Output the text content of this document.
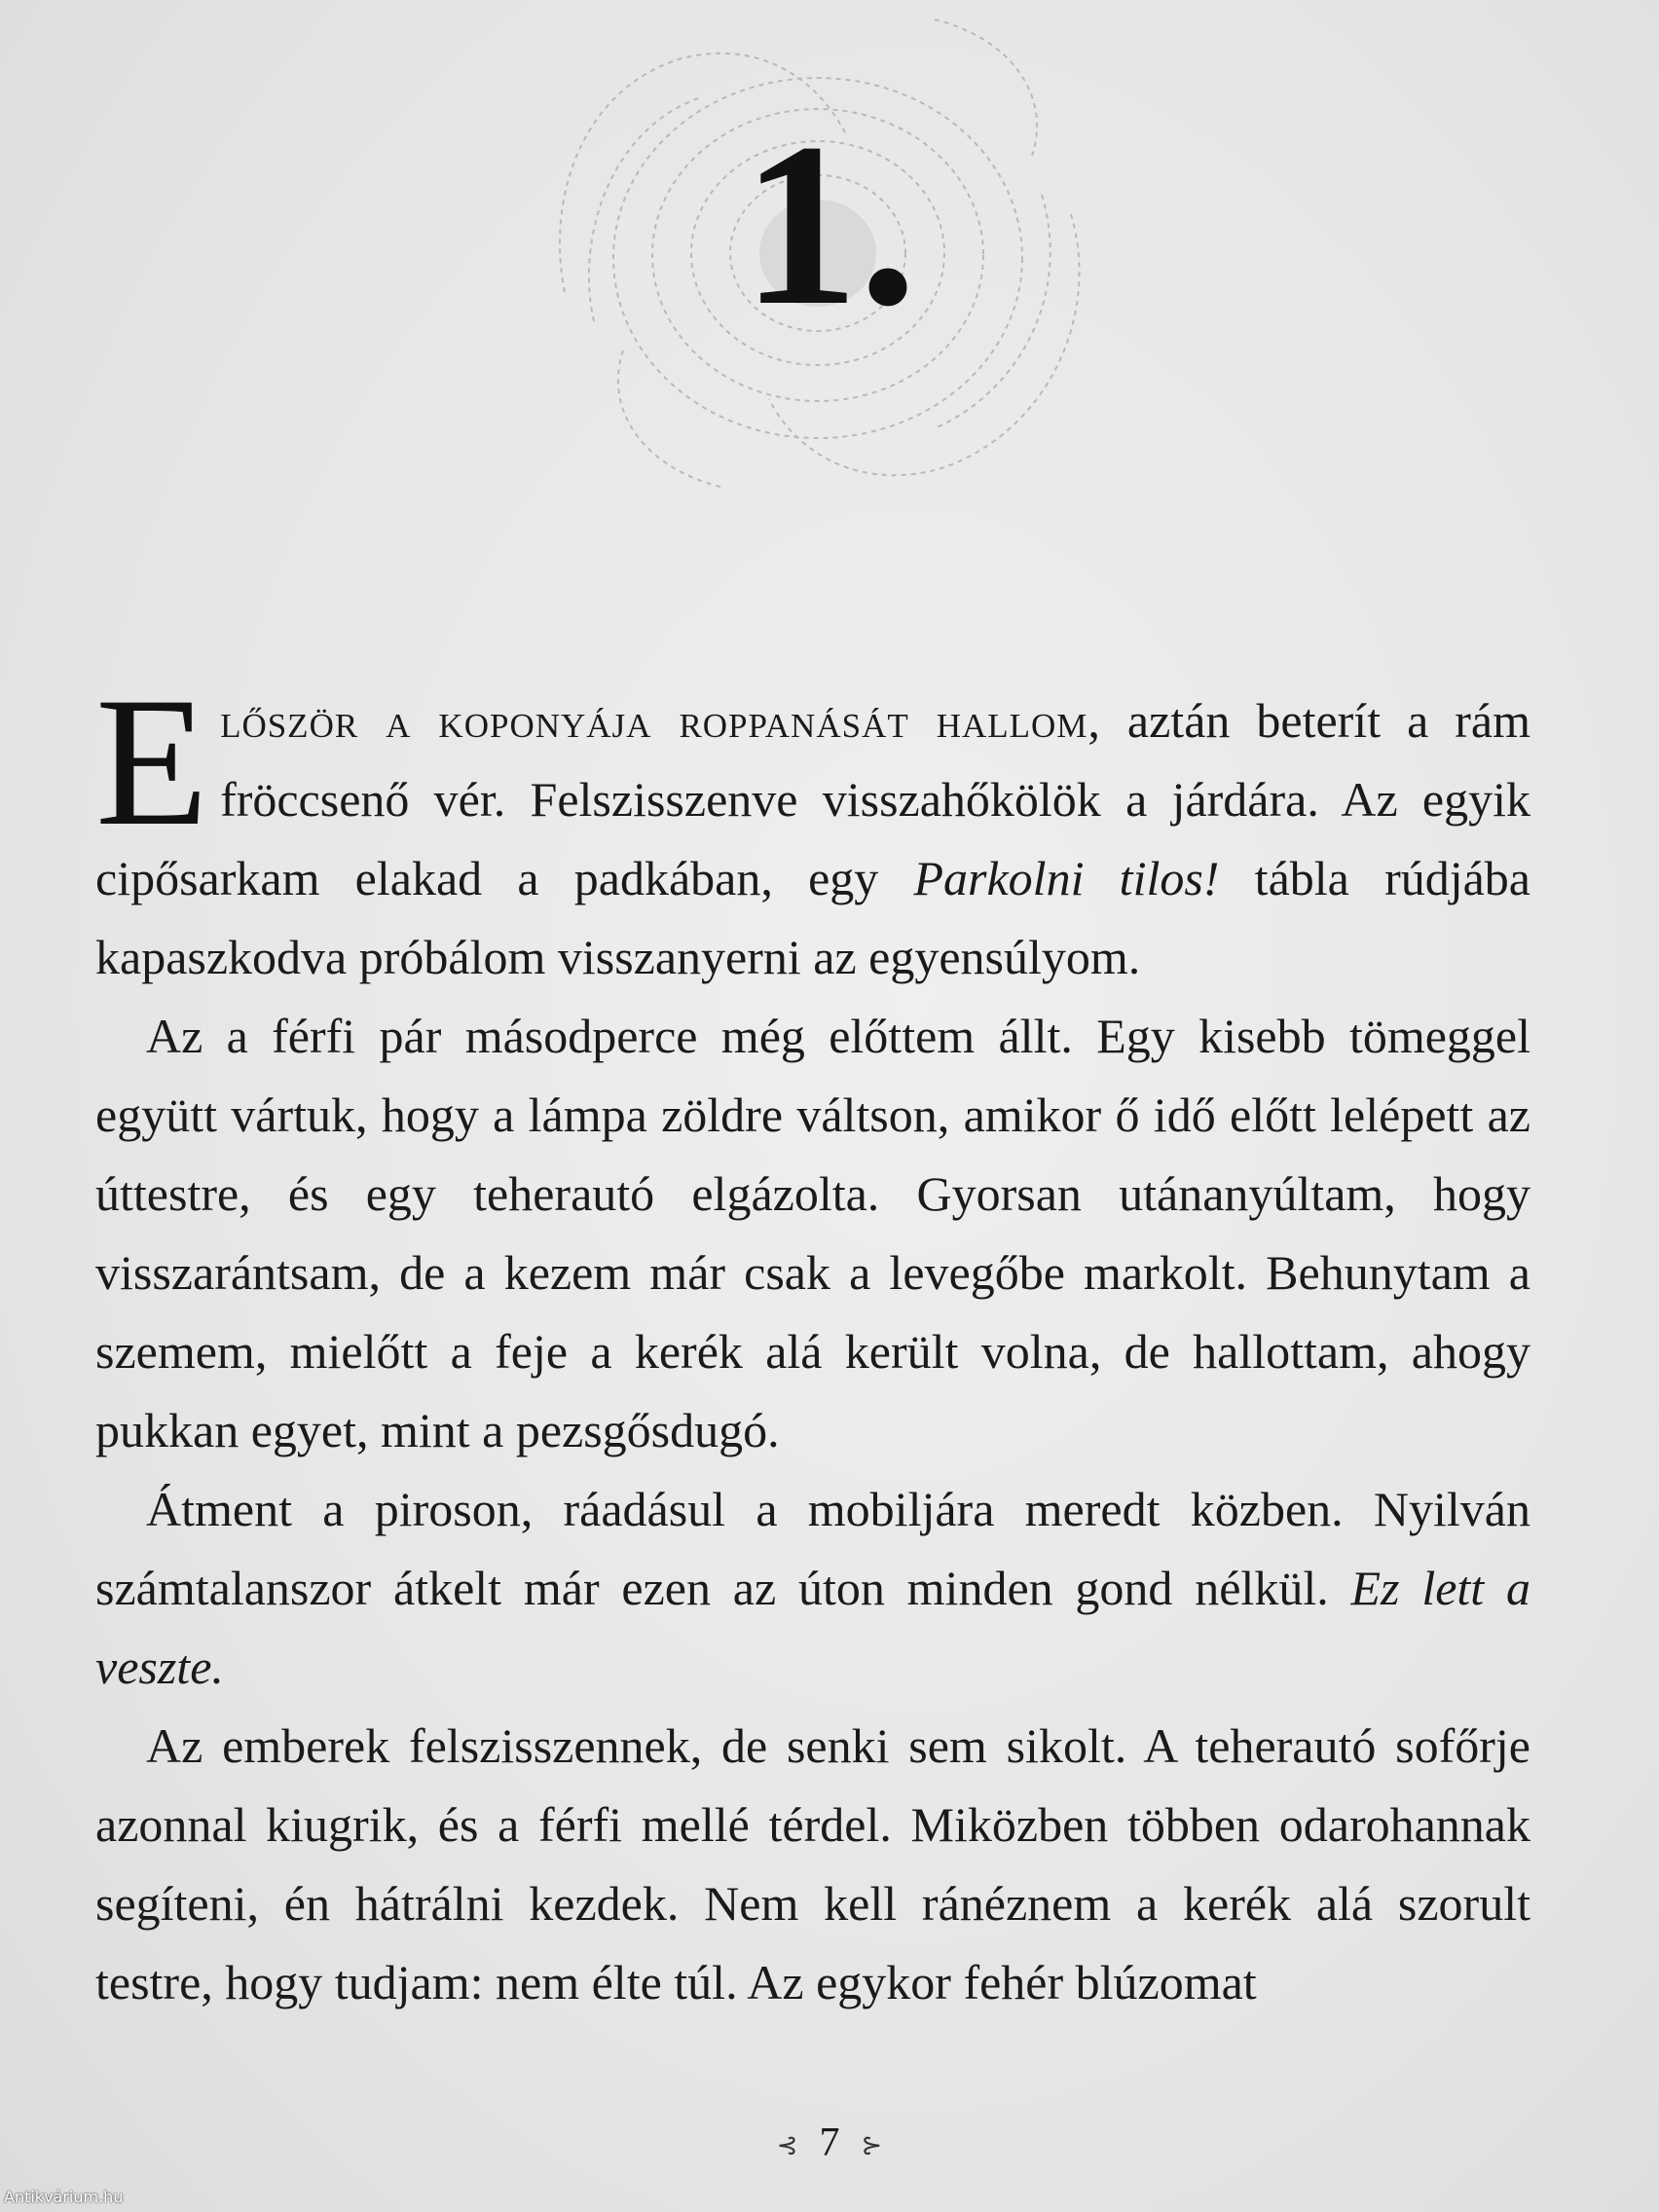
1.

Először a koponyája roppanását hallom, aztán beterít a rám fröccsenő vér. Felszisszenve visszahőkölök a járdára. Az egyik cipősarkam elakad a padkában, egy Parkolni tilos! tábla rúdjába kapaszkodva próbálom visszanyerni az egyensúlyom.

Az a férfi pár másodperce még előttem állt. Egy kisebb tömeggel együtt vártuk, hogy a lámpa zöldre váltson, amikor ő idő előtt lelépett az úttestre, és egy teherautó elgázolta. Gyorsan utánanyúltam, hogy visszarántsam, de a kezem már csak a levegőbe markolt. Behunytam a szemem, mielőtt a feje a kerék alá került volna, de hallottam, ahogy pukkan egyet, mint a pezsgősdugó.

Átment a piroson, ráadásul a mobiljára meredt közben. Nyilván számtalanszor átkelt már ezen az úton minden gond nélkül. Ez lett a veszte.

Az emberek felszisszennek, de senki sem sikolt. A teherautó sofőrje azonnal kiugrik, és a férfi mellé térdel. Miközben többen odarohannak segíteni, én hátrálni kezdek. Nem kell ránéznem a kerék alá szorult testre, hogy tudjam: nem élte túl. Az egykor fehér blúzomat

⊰ 7 ⊱
Antikvárium.hu
